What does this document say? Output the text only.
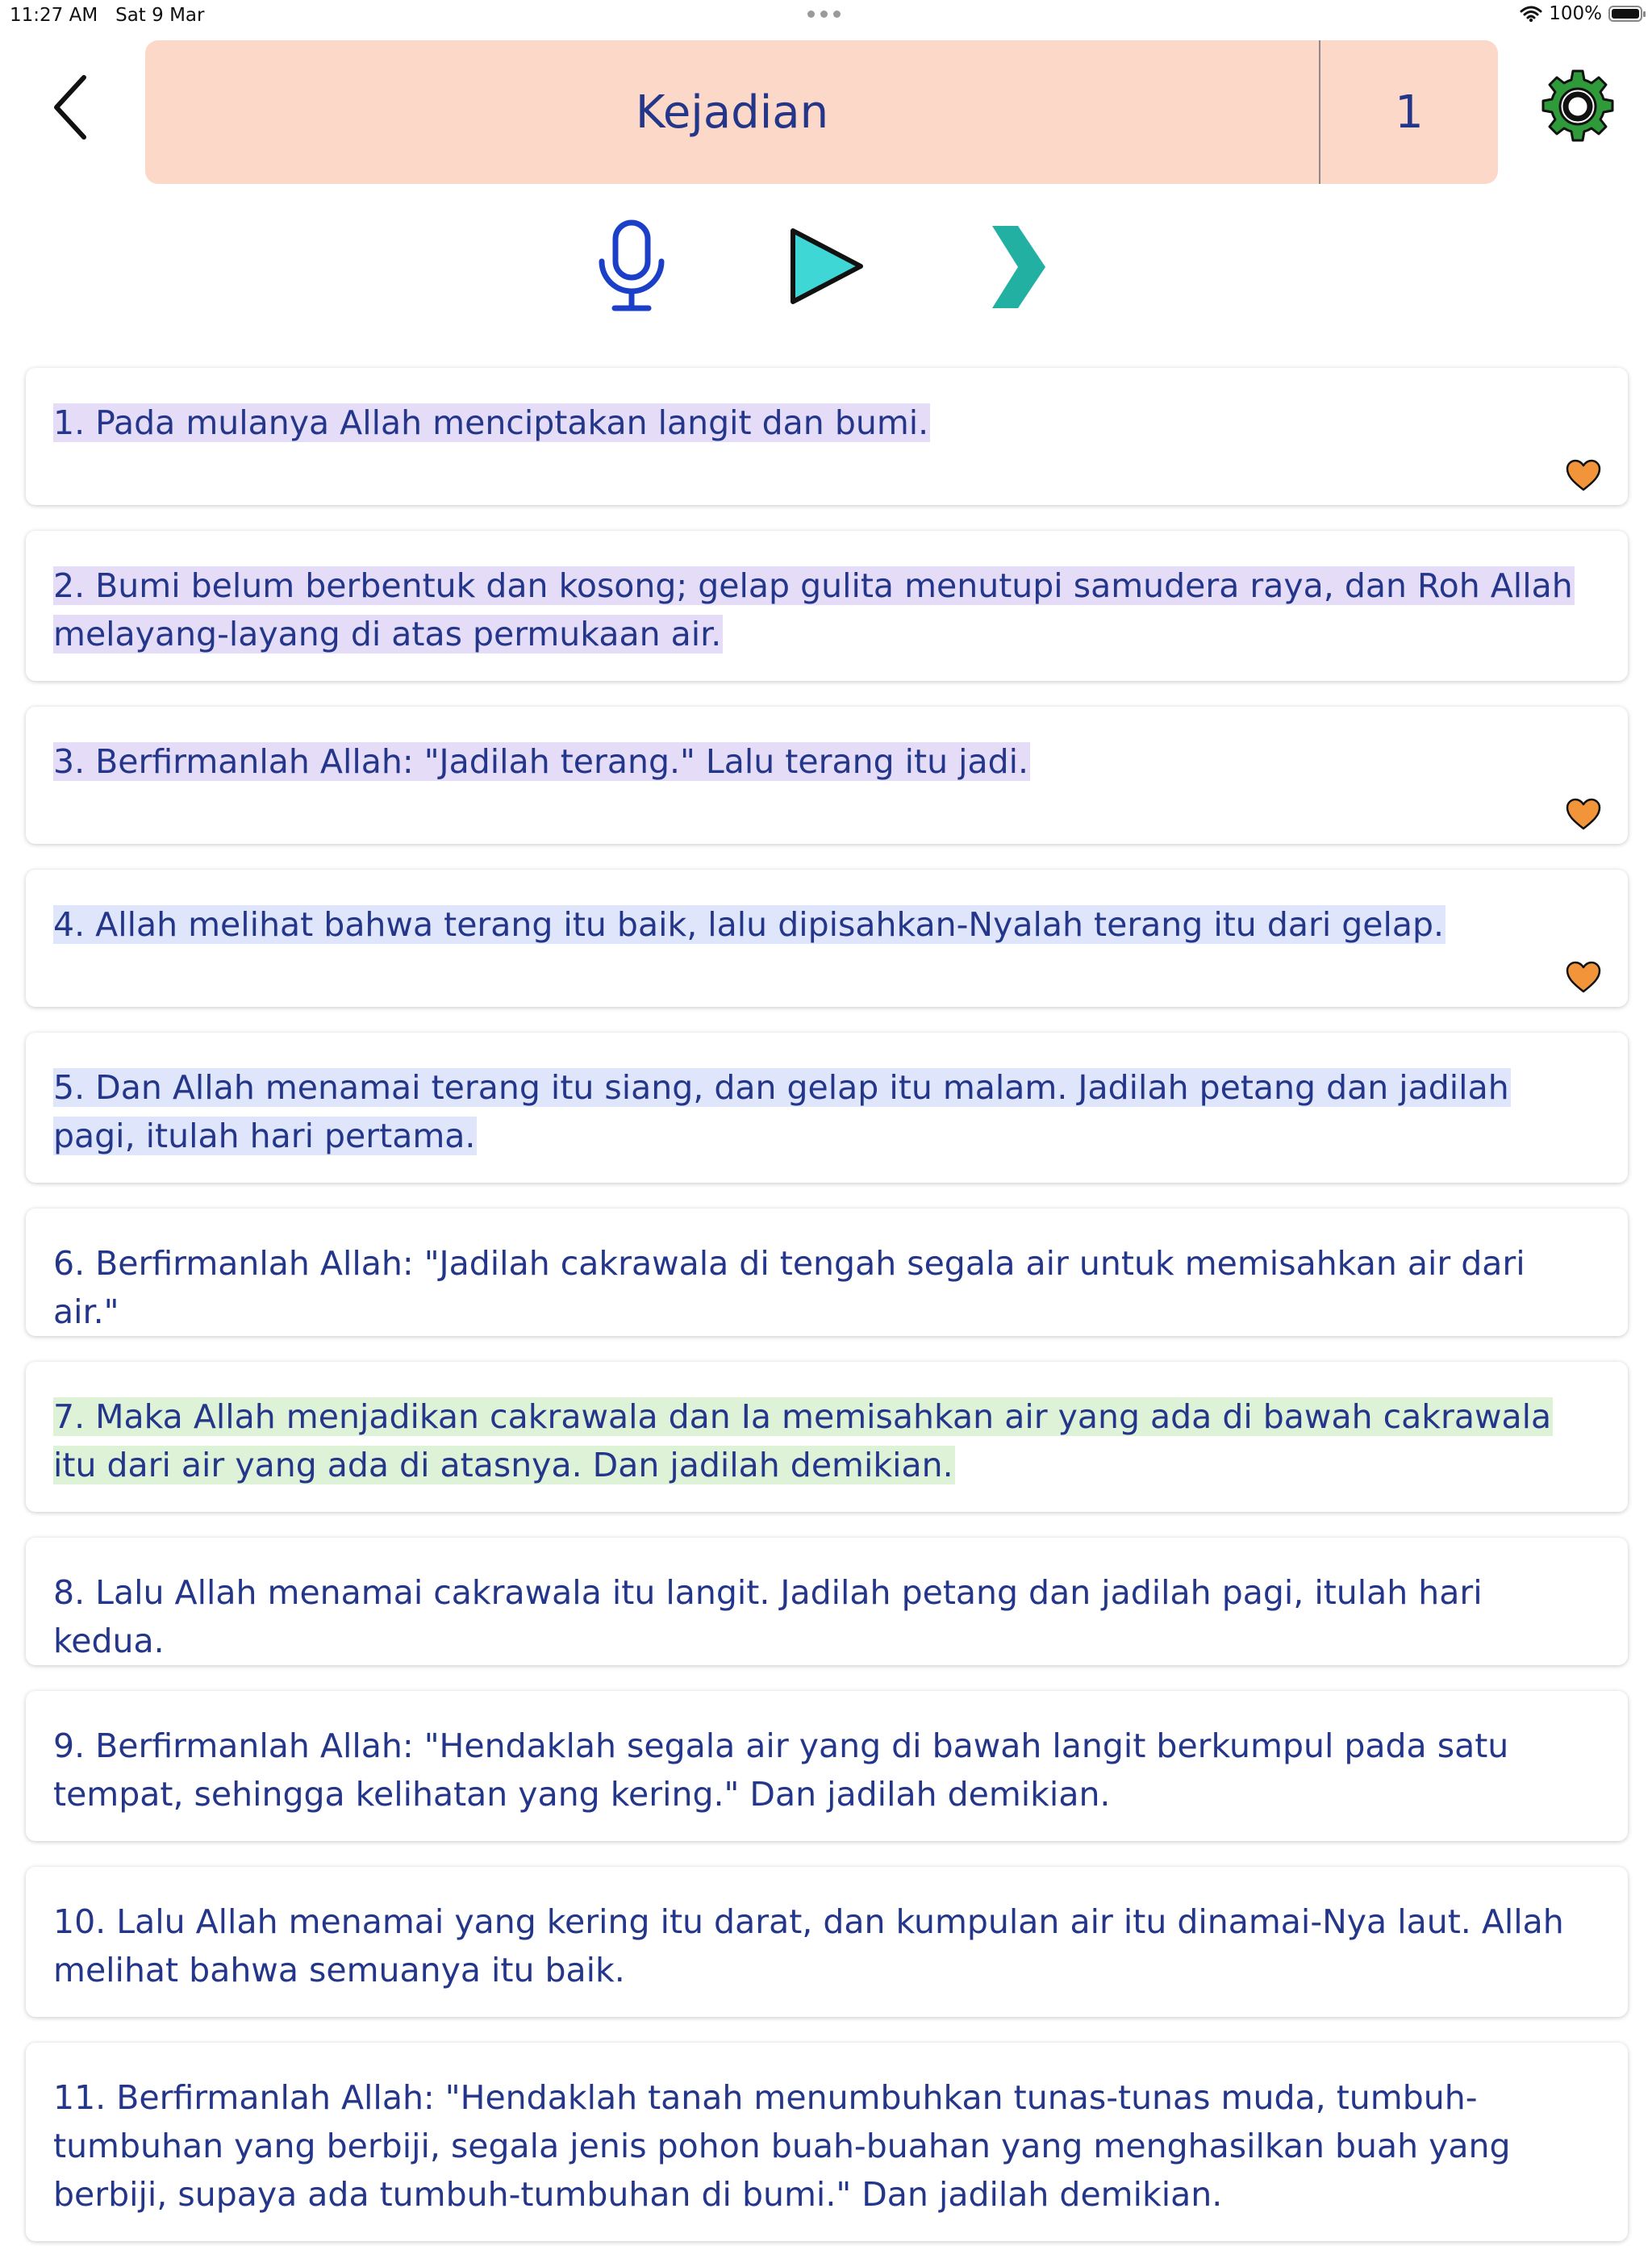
11:27 AM Sat 9 Mar	100%
Kejadian	1

1. Pada mulanya Allah menciptakan langit dan bumi.

2. Bumi belum berbentuk dan kosong; gelap gulita menutupi samudera raya, dan Roh Allah melayang-layang di atas permukaan air.

3. Berfirmanlah Allah: "Jadilah terang." Lalu terang itu jadi.

4. Allah melihat bahwa terang itu baik, lalu dipisahkan-Nyalah terang itu dari gelap.

5. Dan Allah menamai terang itu siang, dan gelap itu malam. Jadilah petang dan jadilah pagi, itulah hari pertama.

6. Berfirmanlah Allah: "Jadilah cakrawala di tengah segala air untuk memisahkan air dari air."

7. Maka Allah menjadikan cakrawala dan Ia memisahkan air yang ada di bawah cakrawala itu dari air yang ada di atasnya. Dan jadilah demikian.

8. Lalu Allah menamai cakrawala itu langit. Jadilah petang dan jadilah pagi, itulah hari kedua.

9. Berfirmanlah Allah: "Hendaklah segala air yang di bawah langit berkumpul pada satu tempat, sehingga kelihatan yang kering." Dan jadilah demikian.

10. Lalu Allah menamai yang kering itu darat, dan kumpulan air itu dinamai-Nya laut. Allah melihat bahwa semuanya itu baik.

11. Berfirmanlah Allah: "Hendaklah tanah menumbuhkan tunas-tunas muda, tumbuh-tumbuhan yang berbiji, segala jenis pohon buah-buahan yang menghasilkan buah yang berbiji, supaya ada tumbuh-tumbuhan di bumi." Dan jadilah demikian.
